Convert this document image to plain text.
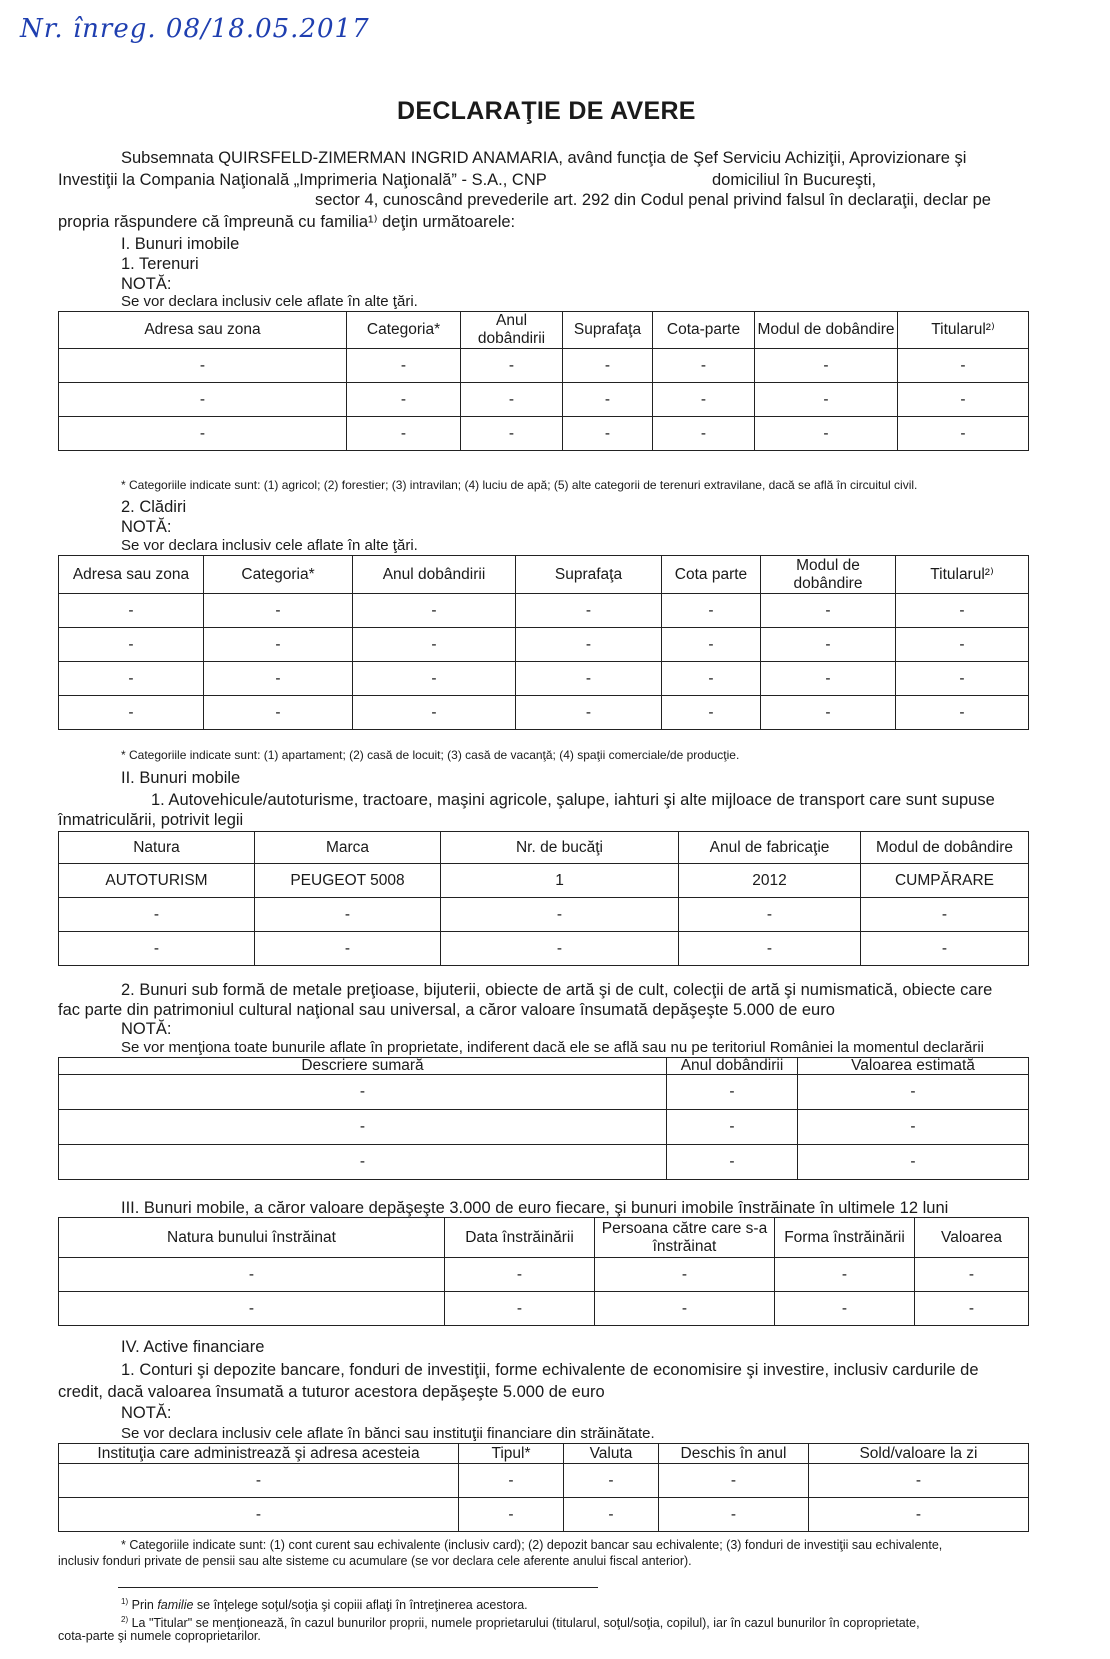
Nr. înreg. 08/18.05.2017
DECLARAŢIE DE AVERE
Subsemnata QUIRSFELD-ZIMERMAN INGRID ANAMARIA, având funcţia de Şef Serviciu Achiziţii, Aprovizionare şi
Investiţii la Compania Naţională „Imprimeria Naţională” - S.A., CNP	domiciliul în Bucureşti,
sector 4, cunoscând prevederile art. 292 din Codul penal privind falsul în declaraţii, declar pe
propria răspundere că împreună cu familia¹⁾ deţin următoarele:
I. Bunuri imobile
1. Terenuri
NOTĂ:
Se vor declara inclusiv cele aflate în alte ţări.
Adresa sau zona	Categoria*	Anul dobândirii	Suprafaţa	Cota-parte	Modul de dobândire	Titularul²⁾
-	-	-	-	-	-	-
-	-	-	-	-	-	-
-	-	-	-	-	-	-
* Categoriile indicate sunt: (1) agricol; (2) forestier; (3) intravilan; (4) luciu de apă; (5) alte categorii de terenuri extravilane, dacă se află în circuitul civil.
2. Clădiri
NOTĂ:
Se vor declara inclusiv cele aflate în alte ţări.
Adresa sau zona	Categoria*	Anul dobândirii	Suprafaţa	Cota parte	Modul de dobândire	Titularul²⁾
-	-	-	-	-	-	-
-	-	-	-	-	-	-
-	-	-	-	-	-	-
-	-	-	-	-	-	-
* Categoriile indicate sunt: (1) apartament; (2) casă de locuit; (3) casă de vacanţă; (4) spaţii comerciale/de producţie.
II. Bunuri mobile
1. Autovehicule/autoturisme, tractoare, maşini agricole, şalupe, iahturi şi alte mijloace de transport care sunt supuse
înmatriculării, potrivit legii
Natura	Marca	Nr. de bucăţi	Anul de fabricaţie	Modul de dobândire
AUTOTURISM	PEUGEOT 5008	1	2012	CUMPĂRARE
-	-	-	-	-
-	-	-	-	-
2. Bunuri sub formă de metale preţioase, bijuterii, obiecte de artă şi de cult, colecţii de artă şi numismatică, obiecte care
fac parte din patrimoniul cultural naţional sau universal, a căror valoare însumată depăşeşte 5.000 de euro
NOTĂ:
Se vor menţiona toate bunurile aflate în proprietate, indiferent dacă ele se află sau nu pe teritoriul României la momentul declarării
Descriere sumară	Anul dobândirii	Valoarea estimată
-	-	-
-	-	-
-	-	-
III. Bunuri mobile, a căror valoare depăşeşte 3.000 de euro fiecare, şi bunuri imobile înstrăinate în ultimele 12 luni
Natura bunului înstrăinat	Data înstrăinării	Persoana către care s-a înstrăinat	Forma înstrăinării	Valoarea
-	-	-	-	-
-	-	-	-	-
IV. Active financiare
1. Conturi şi depozite bancare, fonduri de investiţii, forme echivalente de economisire şi investire, inclusiv cardurile de
credit, dacă valoarea însumată a tuturor acestora depăşeşte 5.000 de euro
NOTĂ:
Se vor declara inclusiv cele aflate în bănci sau instituţii financiare din străinătate.
Instituţia care administrează şi adresa acesteia	Tipul*	Valuta	Deschis în anul	Sold/valoare la zi
-	-	-	-	-
-	-	-	-	-
* Categoriile indicate sunt: (1) cont curent sau echivalente (inclusiv card); (2) depozit bancar sau echivalente; (3) fonduri de investiţii sau echivalente,
inclusiv fonduri private de pensii sau alte sisteme cu acumulare (se vor declara cele aferente anului fiscal anterior).
$^{1)}$ Prin familie se înţelege soţul/soţia şi copiii aflaţi în întreţinerea acestora.
$^{2)}$ La "Titular" se menţionează, în cazul bunurilor proprii, numele proprietarului (titularul, soţul/soţia, copilul), iar în cazul bunurilor în coproprietate,
cota-parte şi numele coproprietarilor.
